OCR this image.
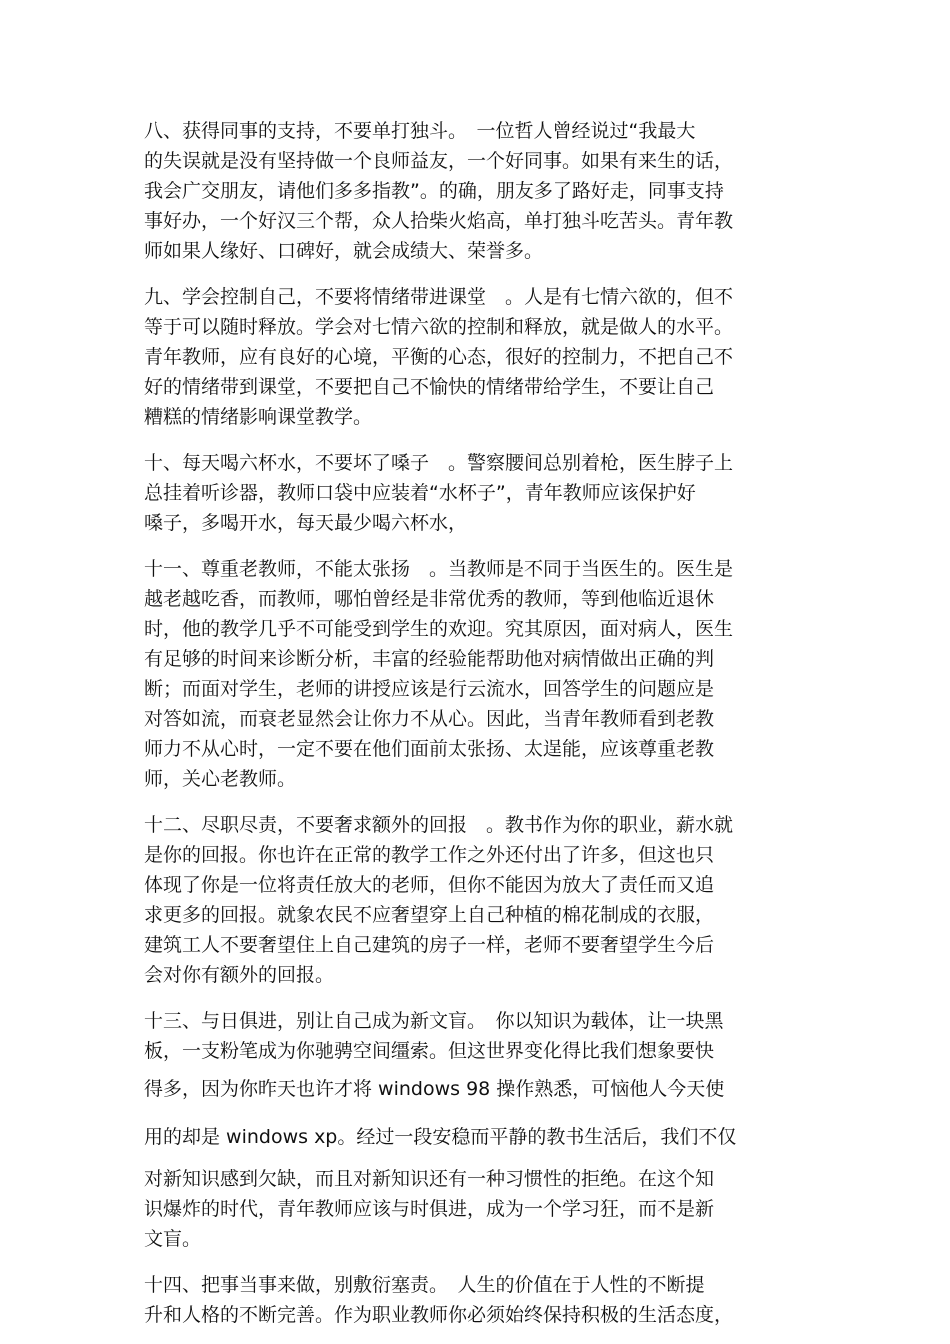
八、获得同事的支持，不要单打独斗。　一位哲人曾经说过“我最大
的失误就是没有坚持做一个良师益友，一个好同事。如果有来生的话，
我会广交朋友，请他们多多指教”。的确，朋友多了路好走，同事支持
事好办，一个好汉三个帮，众人拾柴火焰高，单打独斗吃苦头。青年教
师如果人缘好、口碑好，就会成绩大、荣誉多。
九、学会控制自己，不要将情绪带进课堂　。人是有七情六欲的，但不
等于可以随时释放。学会对七情六欲的控制和释放，就是做人的水平。
青年教师，应有良好的心境，平衡的心态，很好的控制力，不把自己不
好的情绪带到课堂，不要把自己不愉快的情绪带给学生，不要让自己
糟糕的情绪影响课堂教学。
十、每天喝六杯水，不要坏了嗓子　。警察腰间总别着枪，医生脖子上
总挂着听诊器，教师口袋中应装着“水杯子”，青年教师应该保护好
嗓子，多喝开水，每天最少喝六杯水，
十一、尊重老教师，不能太张扬　。当教师是不同于当医生的。医生是
越老越吃香，而教师，哪怕曾经是非常优秀的教师，等到他临近退休
时，他的教学几乎不可能受到学生的欢迎。究其原因，面对病人，医生
有足够的时间来诊断分析，丰富的经验能帮助他对病情做出正确的判
断；而面对学生，老师的讲授应该是行云流水，回答学生的问题应是
对答如流，而衰老显然会让你力不从心。因此，当青年教师看到老教
师力不从心时，一定不要在他们面前太张扬、太逞能，应该尊重老教
师，关心老教师。
十二、尽职尽责，不要奢求额外的回报　。教书作为你的职业，薪水就
是你的回报。你也许在正常的教学工作之外还付出了许多，但这也只
体现了你是一位将责任放大的老师，但你不能因为放大了责任而又追
求更多的回报。就象农民不应奢望穿上自己种植的棉花制成的衣服，
建筑工人不要奢望住上自己建筑的房子一样，老师不要奢望学生今后
会对你有额外的回报。
十三、与日俱进，别让自己成为新文盲。　你以知识为载体，让一块黑
板，一支粉笔成为你驰骋空间缰索。但这世界变化得比我们想象要快
得多，因为你昨天也许才将 windows 98 操作熟悉，可恼他人今天使
用的却是 windows xp。经过一段安稳而平静的教书生活后，我们不仅
对新知识感到欠缺，而且对新知识还有一种习惯性的拒绝。在这个知
识爆炸的时代，青年教师应该与时俱进，成为一个学习狂，而不是新
文盲。
十四、把事当事来做，别敷衍塞责。　人生的价值在于人性的不断提
升和人格的不断完善。作为职业教师你必须始终保持积极的生活态度，
